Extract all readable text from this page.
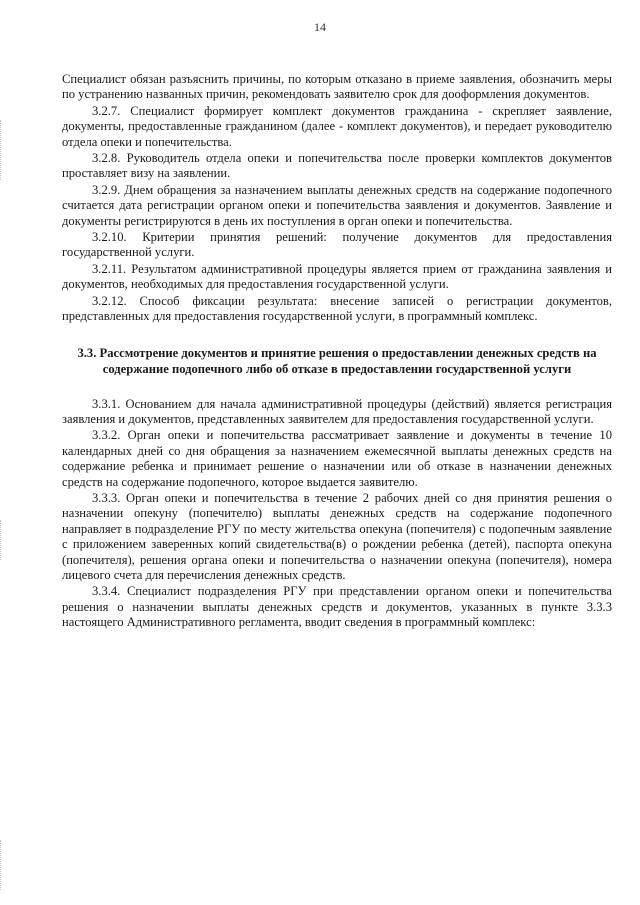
14

Специалист обязан разъяснить причины, по которым отказано в приеме заявления, обозначить меры по устранению названных причин, рекомендовать заявителю срок для дооформления документов.

3.2.7. Специалист формирует комплект документов гражданина - скрепляет заявление, документы, предоставленные гражданином (далее - комплект документов), и передает руководителю отдела опеки и попечительства.

3.2.8. Руководитель отдела опеки и попечительства после проверки комплектов документов проставляет визу на заявлении.

3.2.9. Днем обращения за назначением выплаты денежных средств на содержание подопечного считается дата регистрации органом опеки и попечительства заявления и документов. Заявление и документы регистрируются в день их поступления в орган опеки и попечительства.

3.2.10. Критерии принятия решений: получение документов для предоставления государственной услуги.

3.2.11. Результатом административной процедуры является прием от гражданина заявления и документов, необходимых для предоставления государственной услуги.

3.2.12. Способ фиксации результата: внесение записей о регистрации документов, представленных для предоставления государственной услуги, в программный комплекс.

3.3. Рассмотрение документов и принятие решения о предоставлении денежных средств на содержание подопечного либо об отказе в предоставлении государственной услуги

3.3.1. Основанием для начала административной процедуры (действий) является регистрация заявления и документов, представленных заявителем для предоставления государственной услуги.

3.3.2. Орган опеки и попечительства рассматривает заявление и документы в течение 10 календарных дней со дня обращения за назначением ежемесячной выплаты денежных средств на содержание ребенка и принимает решение о назначении или об отказе в назначении денежных средств на содержание подопечного, которое выдается заявителю.

3.3.3. Орган опеки и попечительства в течение 2 рабочих дней со дня принятия решения о назначении опекуну (попечителю) выплаты денежных средств на содержание подопечного направляет в подразделение РГУ по месту жительства опекуна (попечителя) с подопечным заявление с приложением заверенных копий свидетельства(в) о рождении ребенка (детей), паспорта опекуна (попечителя), решения органа опеки и попечительства о назначении опекуна (попечителя), номера лицевого счета для перечисления денежных средств.

3.3.4. Специалист подразделения РГУ при представлении органом опеки и попечительства решения о назначении выплаты денежных средств и документов, указанных в пункте 3.3.3 настоящего Административного регламента, вводит сведения в программный комплекс:
